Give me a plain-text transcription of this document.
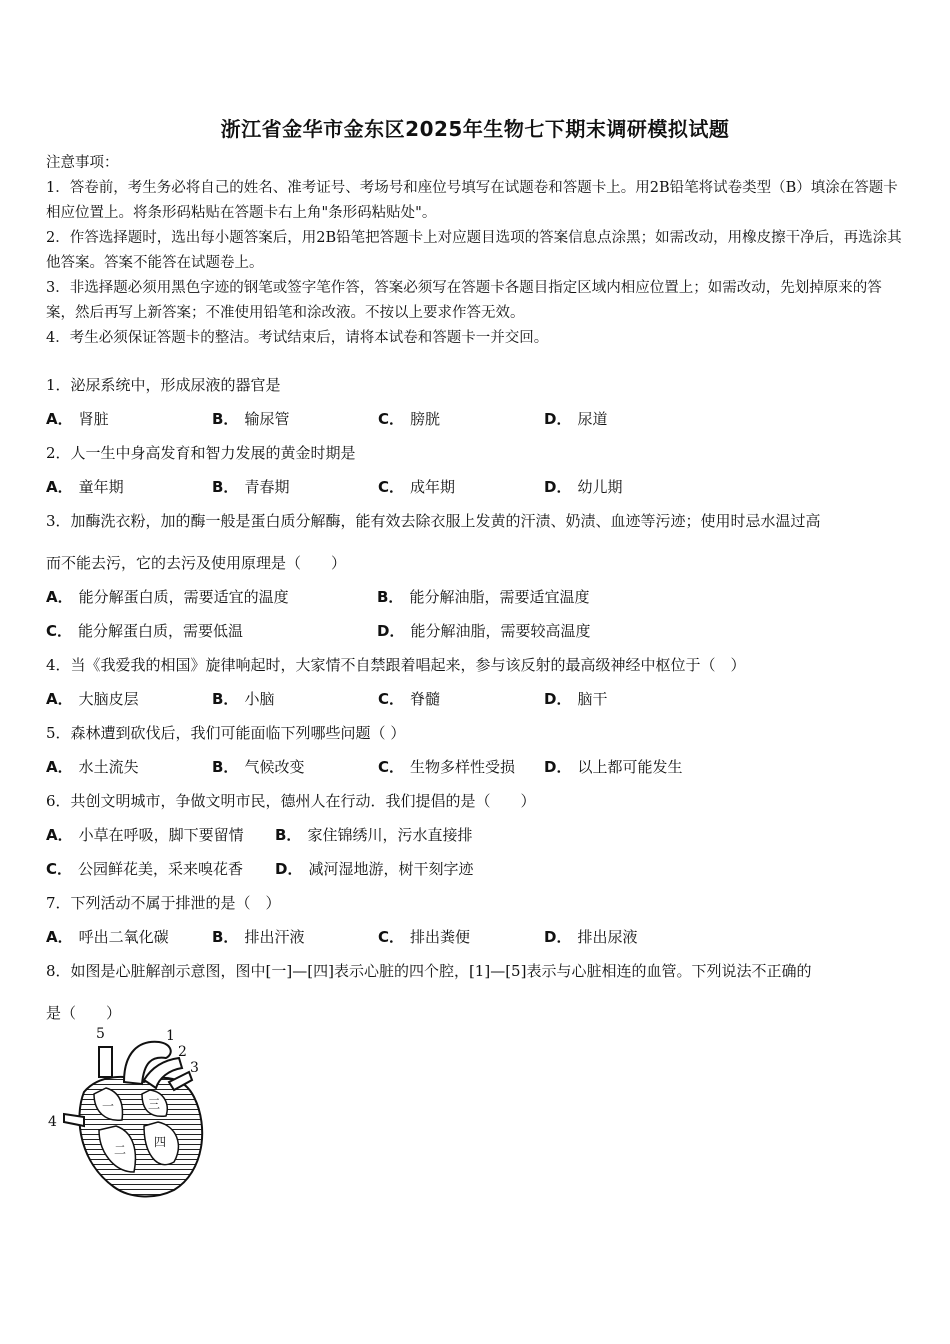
浙江省金华市金东区2025年生物七下期末调研模拟试题

注意事项：

1．答卷前，考生务必将自己的姓名、准考证号、考场号和座位号填写在试题卷和答题卡上。用2B铅笔将试卷类型（B）填涂在答题卡相应位置上。将条形码粘贴在答题卡右上角"条形码粘贴处"。

2．作答选择题时，选出每小题答案后，用2B铅笔把答题卡上对应题目选项的答案信息点涂黑；如需改动，用橡皮擦干净后，再选涂其他答案。答案不能答在试题卷上。

3．非选择题必须用黑色字迹的钢笔或签字笔作答，答案必须写在答题卡各题目指定区域内相应位置上；如需改动，先划掉原来的答案，然后再写上新答案；不准使用铅笔和涂改液。不按以上要求作答无效。

4．考生必须保证答题卡的整洁。考试结束后，请将本试卷和答题卡一并交回。

1．泌尿系统中，形成尿液的器官是

A． 肾脏	B． 输尿管	C． 膀胱	D． 尿道

2．人一生中身高发育和智力发展的黄金时期是

A． 童年期	B． 青春期	C． 成年期	D． 幼儿期

3．加酶洗衣粉，加的酶一般是蛋白质分解酶，能有效去除衣服上发黄的汗渍、奶渍、血迹等污迹；使用时忌水温过高

而不能去污，它的去污及使用原理是（　　）

A． 能分解蛋白质，需要适宜的温度	B． 能分解油脂，需要适宜温度
C． 能分解蛋白质，需要低温	D． 能分解油脂，需要较高温度

4．当《我爱我的相国》旋律响起时，大家情不自禁跟着唱起来，参与该反射的最高级神经中枢位于（　）

A． 大脑皮层	B． 小脑	C． 脊髓	D． 脑干

5．森林遭到砍伐后，我们可能面临下列哪些问题（ ）

A． 水土流失	B． 气候改变	C． 生物多样性受损	D． 以上都可能发生

6．共创文明城市，争做文明市民，德州人在行动．我们提倡的是（　　）

A． 小草在呼吸，脚下要留情	B． 家住锦绣川，污水直接排
C． 公园鲜花美，采来嗅花香	D． 减河湿地游，树干刻字迹

7．下列活动不属于排泄的是（　）

A． 呼出二氧化碳	B． 排出汗液	C． 排出粪便	D． 排出尿液

8．如图是心脏解剖示意图，图中[一]—[四]表示心脏的四个腔，[1]—[5]表示与心脏相连的血管。下列说法不正确的

是（　　）

1
2
3
4
5
一
二
三
四
